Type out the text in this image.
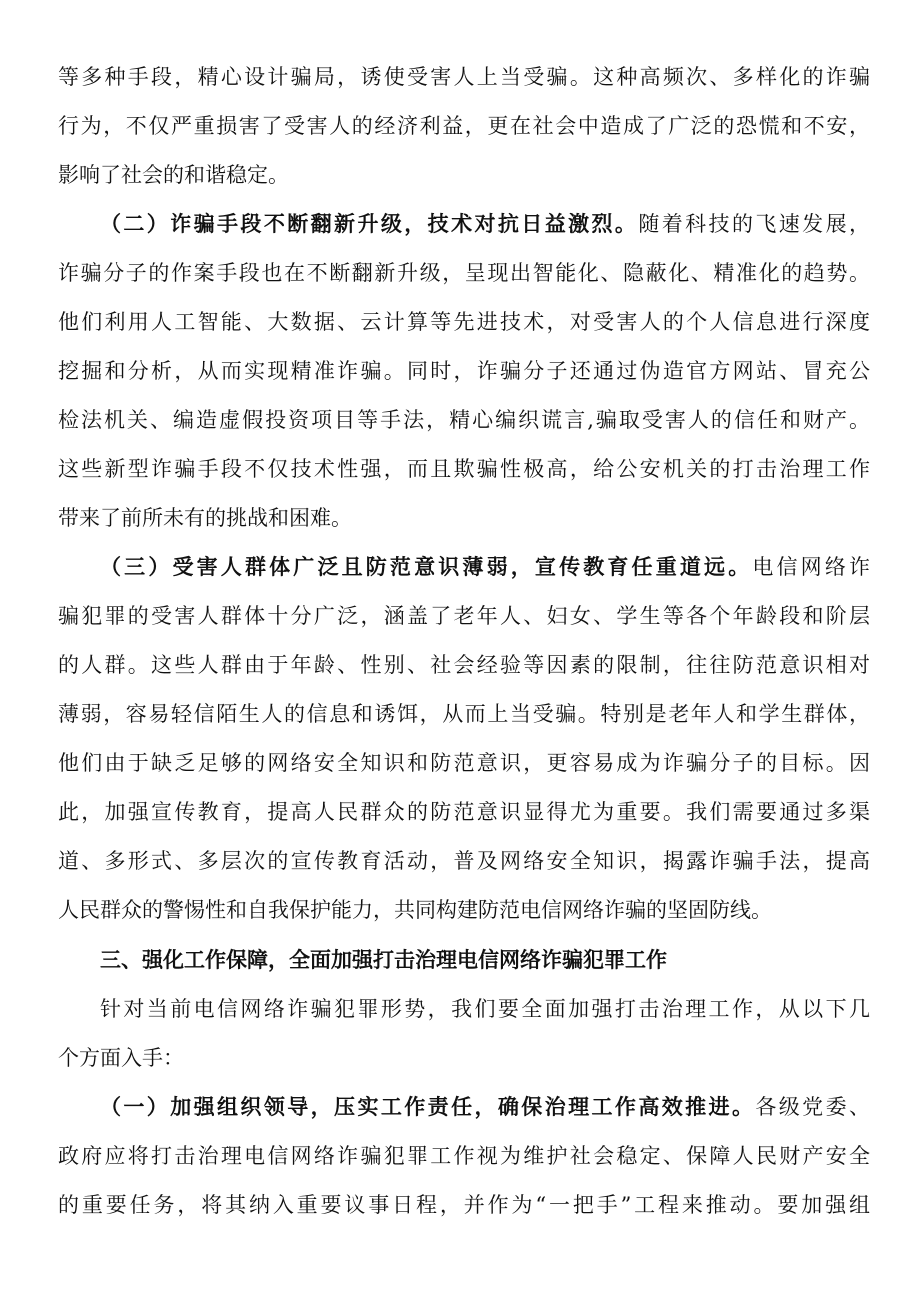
等多种手段，精心设计骗局，诱使受害人上当受骗。这种高频次、多样化的诈骗
行为，不仅严重损害了受害人的经济利益，更在社会中造成了广泛的恐慌和不安，
影响了社会的和谐稳定。
（二）诈骗手段不断翻新升级，技术对抗日益激烈。随着科技的飞速发展，
诈骗分子的作案手段也在不断翻新升级，呈现出智能化、隐蔽化、精准化的趋势。
他们利用人工智能、大数据、云计算等先进技术，对受害人的个人信息进行深度
挖掘和分析，从而实现精准诈骗。同时，诈骗分子还通过伪造官方网站、冒充公
检法机关、编造虚假投资项目等手法，精心编织谎言,骗取受害人的信任和财产。
这些新型诈骗手段不仅技术性强，而且欺骗性极高，给公安机关的打击治理工作
带来了前所未有的挑战和困难。
（三）受害人群体广泛且防范意识薄弱，宣传教育任重道远。电信网络诈
骗犯罪的受害人群体十分广泛，涵盖了老年人、妇女、学生等各个年龄段和阶层
的人群。这些人群由于年龄、性别、社会经验等因素的限制，往往防范意识相对
薄弱，容易轻信陌生人的信息和诱饵，从而上当受骗。特别是老年人和学生群体，
他们由于缺乏足够的网络安全知识和防范意识，更容易成为诈骗分子的目标。因
此，加强宣传教育，提高人民群众的防范意识显得尤为重要。我们需要通过多渠
道、多形式、多层次的宣传教育活动，普及网络安全知识，揭露诈骗手法，提高
人民群众的警惕性和自我保护能力，共同构建防范电信网络诈骗的坚固防线。
三、强化工作保障，全面加强打击治理电信网络诈骗犯罪工作
针对当前电信网络诈骗犯罪形势，我们要全面加强打击治理工作，从以下几
个方面入手：
（一）加强组织领导，压实工作责任，确保治理工作高效推进。各级党委、
政府应将打击治理电信网络诈骗犯罪工作视为维护社会稳定、保障人民财产安全
的重要任务，将其纳入重要议事日程，并作为“一把手”工程来推动。要加强组
